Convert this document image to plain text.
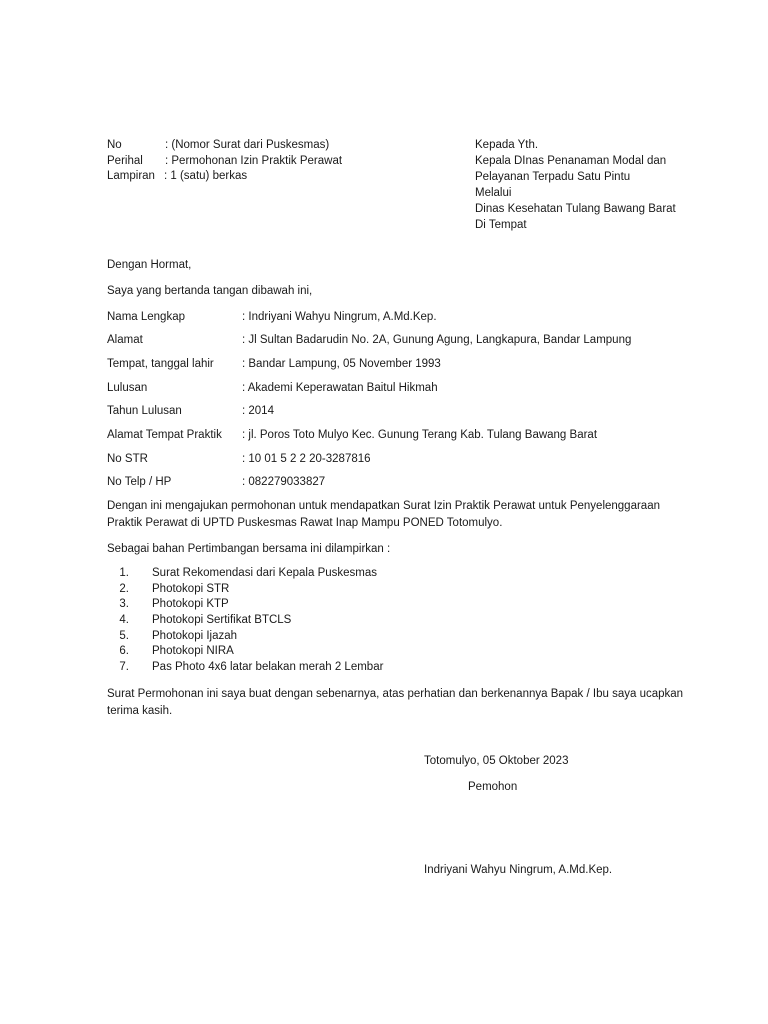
No	: (Nomor Surat dari Puskesmas)
Perihal : Permohonan Izin Praktik Perawat
Lampiran : 1 (satu) berkas
Kepada Yth.
Kepala DInas Penanaman Modal dan
Pelayanan Terpadu Satu Pintu
Melalui
Dinas Kesehatan Tulang Bawang Barat
Di Tempat
Dengan Hormat,
Saya yang bertanda tangan dibawah ini,
Nama Lengkap	: Indriyani Wahyu Ningrum, A.Md.Kep.
Alamat	: Jl Sultan Badarudin No. 2A, Gunung Agung, Langkapura, Bandar Lampung
Tempat, tanggal lahir : Bandar Lampung, 05 November 1993
Lulusan	: Akademi Keperawatan Baitul Hikmah
Tahun Lulusan	: 2014
Alamat Tempat Praktik : jl. Poros Toto Mulyo Kec. Gunung Terang Kab. Tulang Bawang Barat
No STR	: 10 01 5 2 2 20-3287816
No Telp / HP	: 082279033827
Dengan ini mengajukan permohonan untuk mendapatkan Surat Izin Praktik Perawat untuk Penyelenggaraan Praktik Perawat di UPTD Puskesmas Rawat Inap Mampu PONED Totomulyo.
Sebagai bahan Pertimbangan bersama ini dilampirkan :
1. Surat Rekomendasi dari Kepala Puskesmas
2. Photokopi STR
3. Photokopi KTP
4. Photokopi Sertifikat BTCLS
5. Photokopi Ijazah
6. Photokopi NIRA
7. Pas Photo 4x6 latar belakan merah 2 Lembar
Surat Permohonan ini saya buat dengan sebenarnya, atas perhatian dan berkenannya Bapak / Ibu saya ucapkan terima kasih.
Totomulyo, 05 Oktober 2023
Pemohon
Indriyani Wahyu Ningrum, A.Md.Kep.
